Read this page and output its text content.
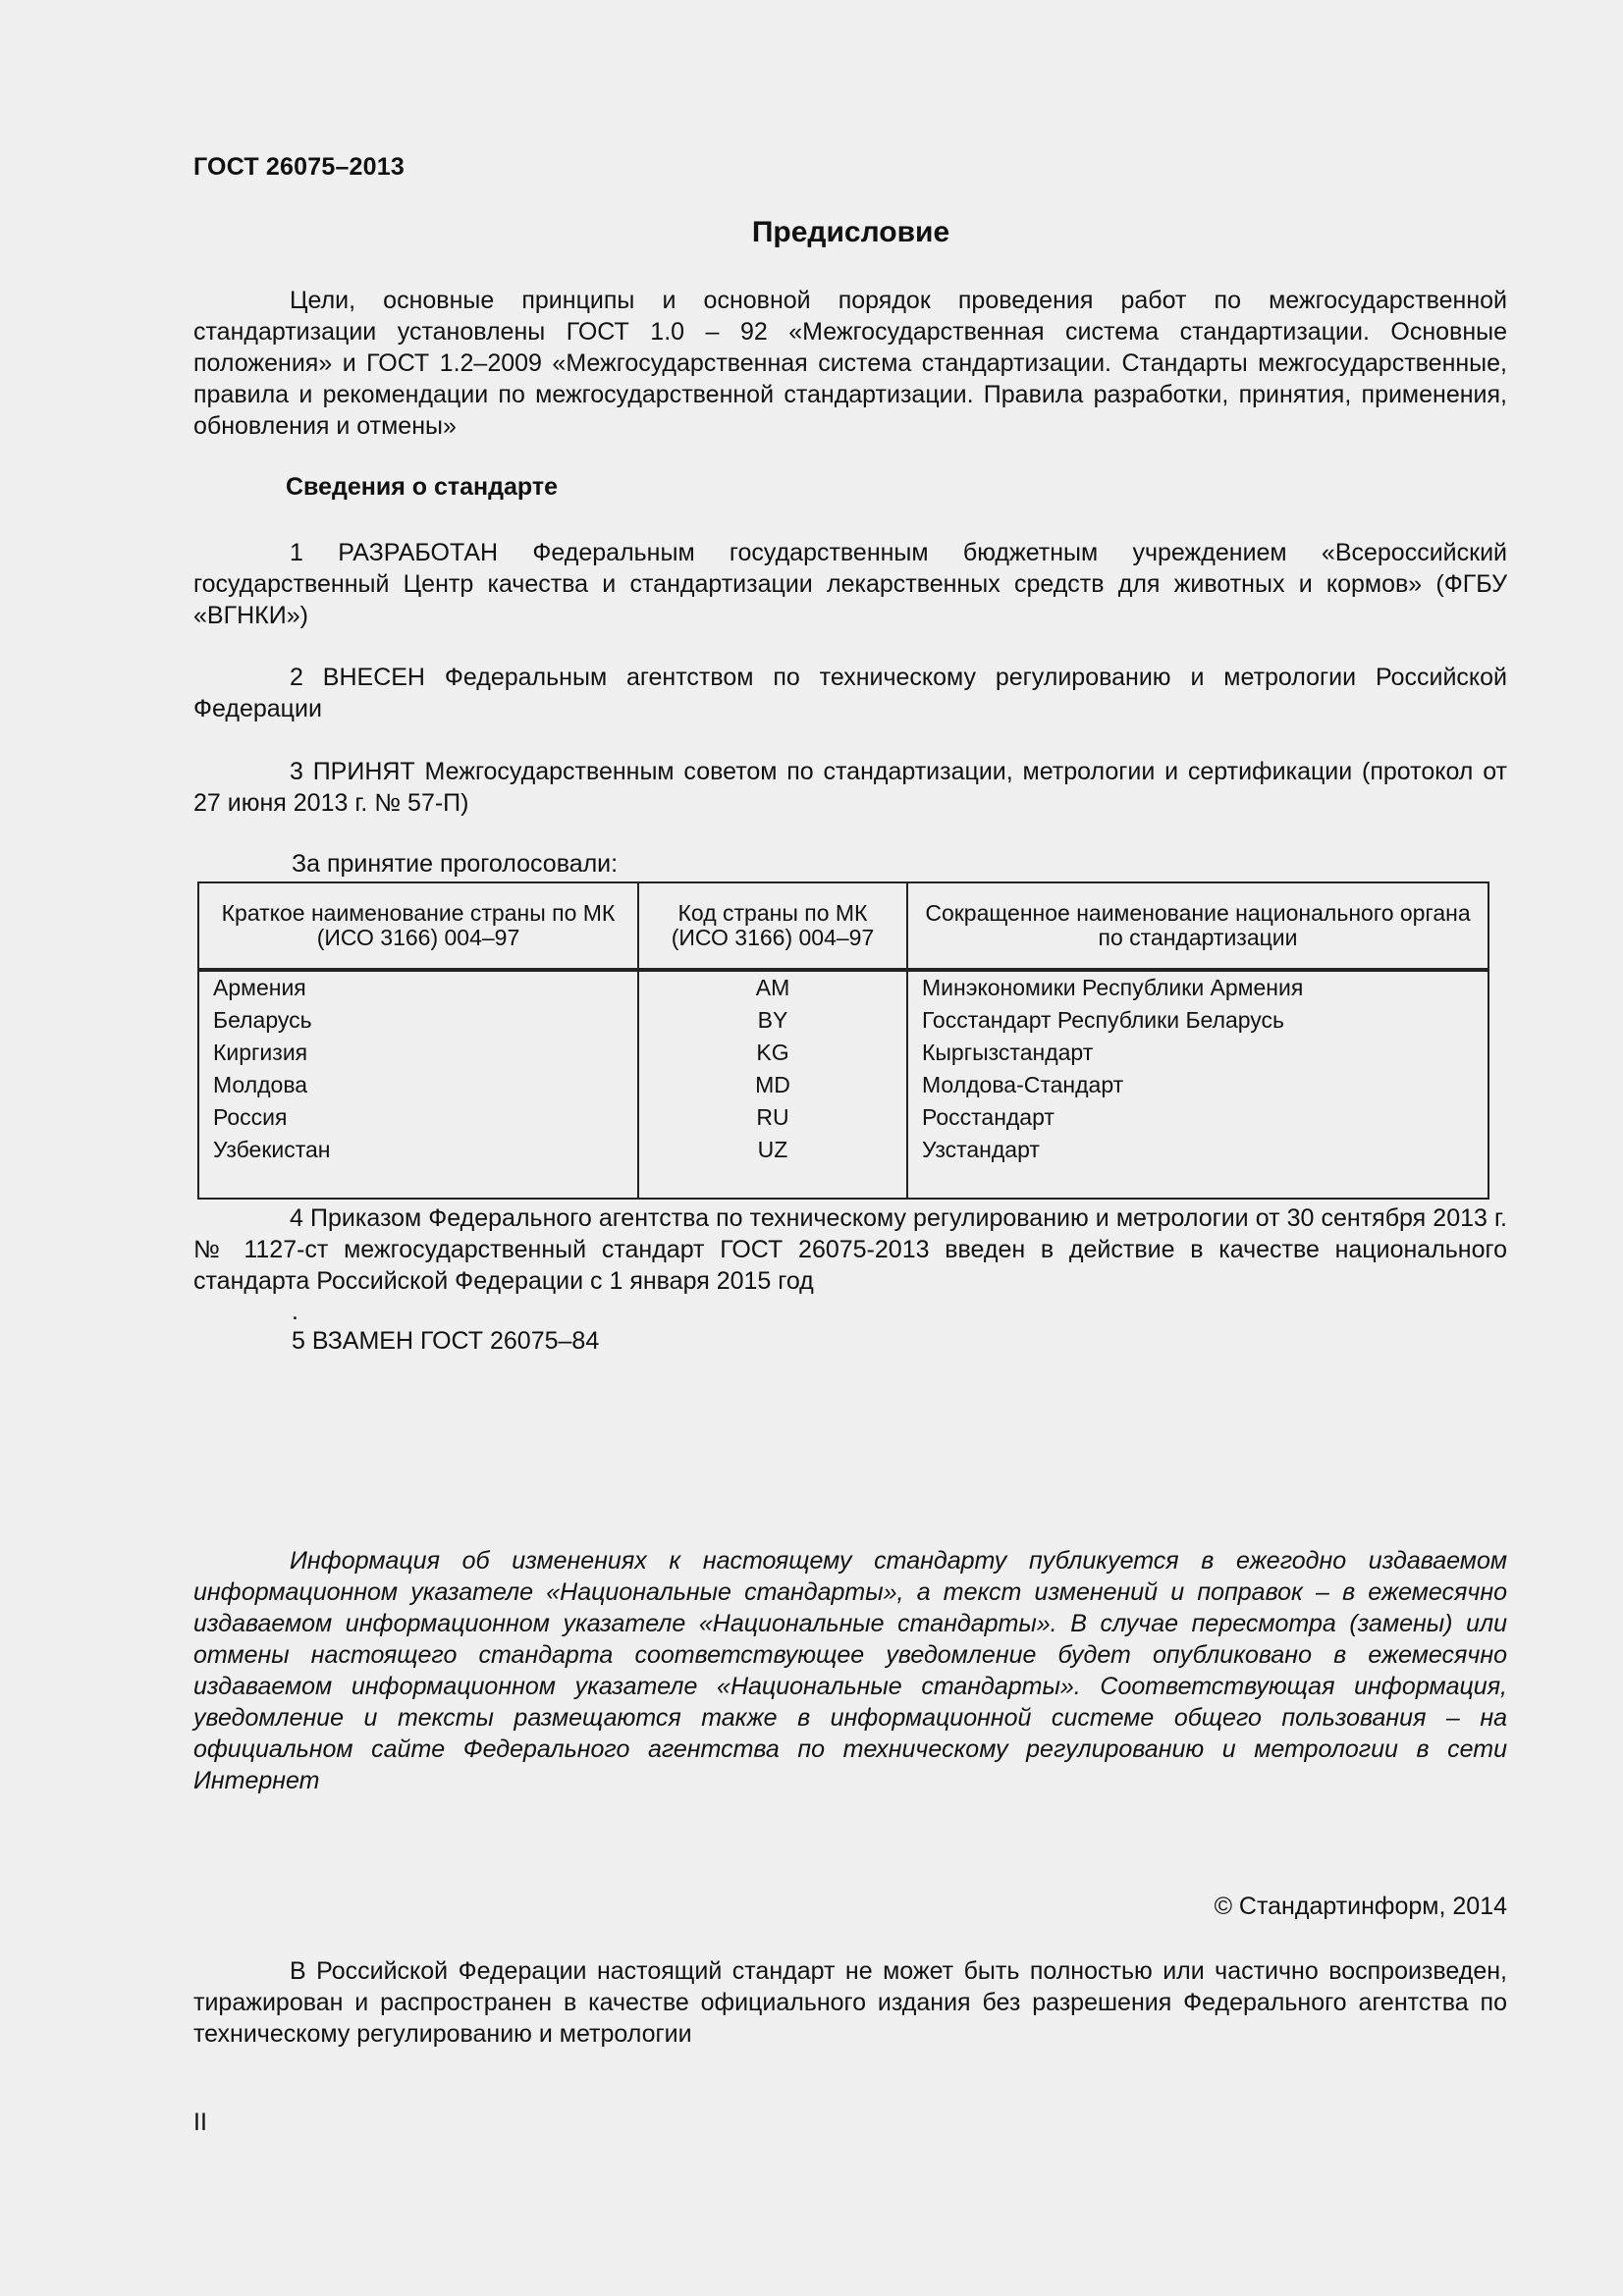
ГОСТ 26075–2013
Предисловие
Цели, основные принципы и основной порядок проведения работ по межгосударственной стандартизации установлены ГОСТ 1.0 – 92 «Межгосударственная система стандартизации. Основные положения» и ГОСТ 1.2–2009 «Межгосударственная система стандартизации. Стандарты межгосударственные, правила и рекомендации по межгосударственной стандартизации. Правила разработки, принятия, применения, обновления и отмены»
Сведения о стандарте
1 РАЗРАБОТАН Федеральным государственным бюджетным учреждением «Всероссийский государственный Центр качества и стандартизации лекарственных средств для животных и кормов» (ФГБУ «ВГНКИ»)
2 ВНЕСЕН Федеральным агентством по техническому регулированию и метрологии Российской Федерации
3 ПРИНЯТ Межгосударственным советом по стандартизации, метрологии и сертификации (протокол от 27 июня 2013 г. № 57-П)
За принятие проголосовали:
Краткое наименование страны по МК (ИСО 3166) 004–97	Код страны по МК (ИСО 3166) 004–97	Сокращенное наименование национального органа по стандартизации
Армения	AM	Минэкономики Республики Армения
Беларусь	BY	Госстандарт Республики Беларусь
Киргизия	KG	Кыргызстандарт
Молдова	MD	Молдова-Стандарт
Россия	RU	Росстандарт
Узбекистан	UZ	Узстандарт

4 Приказом Федерального агентства по техническому регулированию и метрологии от 30 сентября 2013 г. № 1127-ст межгосударственный стандарт ГОСТ 26075-2013 введен в действие в качестве национального стандарта Российской Федерации с 1 января 2015 год
.
5 ВЗАМЕН ГОСТ 26075–84
Информация об изменениях к настоящему стандарту публикуется в ежегодно издаваемом информационном указателе «Национальные стандарты», а текст изменений и поправок – в ежемесячно издаваемом информационном указателе «Национальные стандарты». В случае пересмотра (замены) или отмены настоящего стандарта соответствующее уведомление будет опубликовано в ежемесячно издаваемом информационном указателе «Национальные стандарты». Соответствующая информация, уведомление и тексты размещаются также в информационной системе общего пользования – на официальном сайте Федерального агентства по техническому регулированию и метрологии в сети Интернет
© Стандартинформ, 2014
В Российской Федерации настоящий стандарт не может быть полностью или частично воспроизведен, тиражирован и распространен в качестве официального издания без разрешения Федерального агентства по техническому регулированию и метрологии
II
